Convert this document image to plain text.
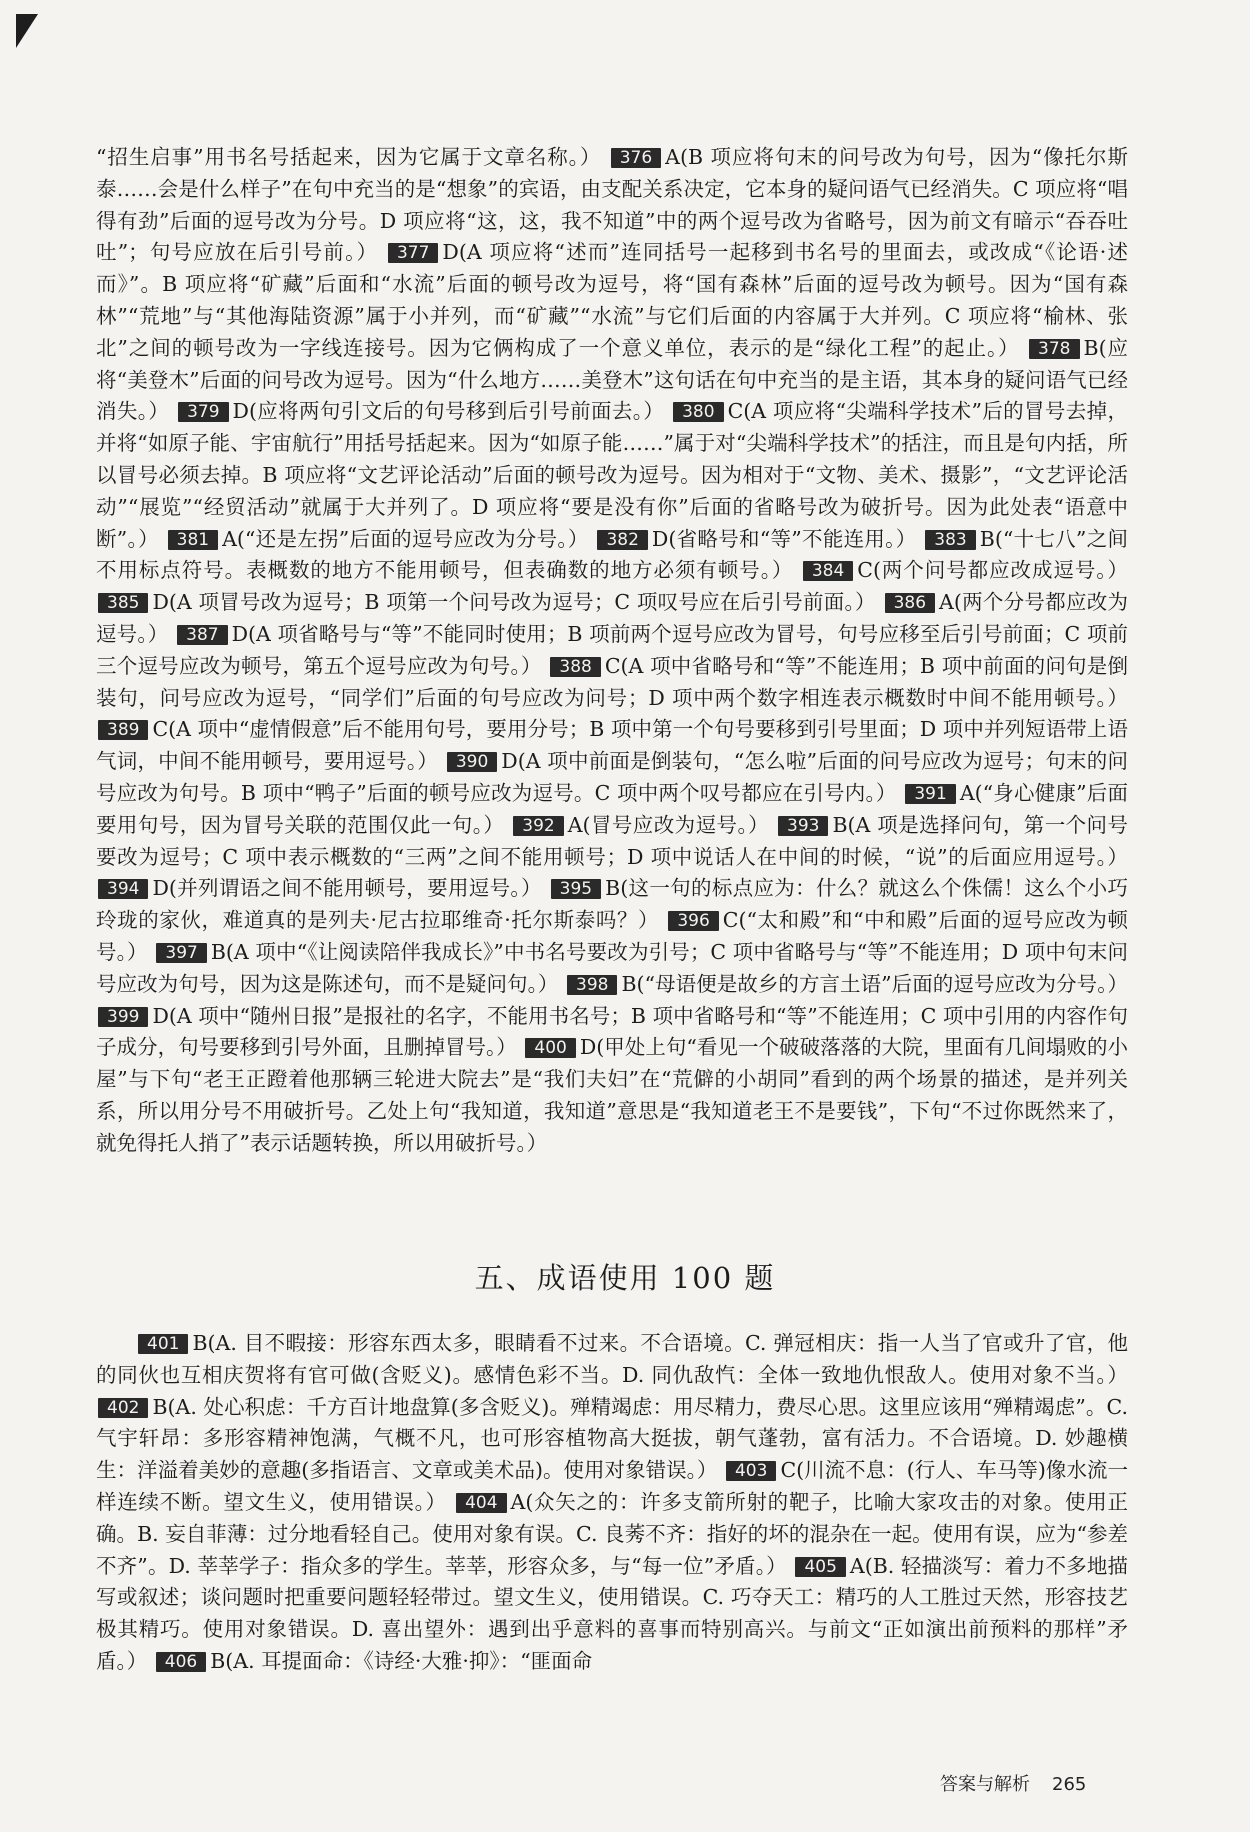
“招生启事”用书名号括起来，因为它属于文章名称。） 376 A(B 项应将句末的问号改为句号，因为“像托尔斯泰……会是什么样子”在句中充当的是“想象”的宾语，由支配关系决定，它本身的疑问语气已经消失。C 项应将“唱得有劲”后面的逗号改为分号。D 项应将“这，这，我不知道”中的两个逗号改为省略号，因为前文有暗示“吞吞吐吐”；句号应放在后引号前。） 377 D(A 项应将“述而”连同括号一起移到书名号的里面去，或改成“《论语·述而》”。B 项应将“矿藏”后面和“水流”后面的顿号改为逗号，将“国有森林”后面的逗号改为顿号。因为“国有森林”“荒地”与“其他海陆资源”属于小并列，而“矿藏”“水流”与它们后面的内容属于大并列。C 项应将“榆林、张北”之间的顿号改为一字线连接号。因为它俩构成了一个意义单位，表示的是“绿化工程”的起止。） 378 B(应将“美登木”后面的问号改为逗号。因为“什么地方……美登木”这句话在句中充当的是主语，其本身的疑问语气已经消失。） 379 D(应将两句引文后的句号移到后引号前面去。） 380 C(A 项应将“尖端科学技术”后的冒号去掉，并将“如原子能、宇宙航行”用括号括起来。因为“如原子能……”属于对“尖端科学技术”的括注，而且是句内括，所以冒号必须去掉。B 项应将“文艺评论活动”后面的顿号改为逗号。因为相对于“文物、美术、摄影”，“文艺评论活动”“展览”“经贸活动”就属于大并列了。D 项应将“要是没有你”后面的省略号改为破折号。因为此处表“语意中断”。） 381 A(“还是左拐”后面的逗号应改为分号。） 382 D(省略号和“等”不能连用。） 383 B(“十七八”之间不用标点符号。表概数的地方不能用顿号，但表确数的地方必须有顿号。） 384 C(两个问号都应改成逗号。） 385 D(A 项冒号改为逗号；B 项第一个问号改为逗号；C 项叹号应在后引号前面。） 386 A(两个分号都应改为逗号。） 387 D(A 项省略号与“等”不能同时使用；B 项前两个逗号应改为冒号，句号应移至后引号前面；C 项前三个逗号应改为顿号，第五个逗号应改为句号。） 388 C(A 项中省略号和“等”不能连用；B 项中前面的问句是倒装句，问号应改为逗号，“同学们”后面的句号应改为问号；D 项中两个数字相连表示概数时中间不能用顿号。） 389 C(A 项中“虚情假意”后不能用句号，要用分号；B 项中第一个句号要移到引号里面；D 项中并列短语带上语气词，中间不能用顿号，要用逗号。） 390 D(A 项中前面是倒装句，“怎么啦”后面的问号应改为逗号；句末的问号应改为句号。B 项中“鸭子”后面的顿号应改为逗号。C 项中两个叹号都应在引号内。） 391 A(“身心健康”后面要用句号，因为冒号关联的范围仅此一句。） 392 A(冒号应改为逗号。） 393 B(A 项是选择问句，第一个问号要改为逗号；C 项中表示概数的“三两”之间不能用顿号；D 项中说话人在中间的时候，“说”的后面应用逗号。） 394 D(并列谓语之间不能用顿号，要用逗号。） 395 B(这一句的标点应为：什么？就这么个侏儒！这么个小巧玲珑的家伙，难道真的是列夫·尼古拉耶维奇·托尔斯泰吗？） 396 C(“太和殿”和“中和殿”后面的逗号应改为顿号。） 397 B(A 项中“《让阅读陪伴我成长》”中书名号要改为引号；C 项中省略号与“等”不能连用；D 项中句末问号应改为句号，因为这是陈述句，而不是疑问句。） 398 B(“母语便是故乡的方言土语”后面的逗号应改为分号。） 399 D(A 项中“随州日报”是报社的名字，不能用书名号；B 项中省略号和“等”不能连用；C 项中引用的内容作句子成分，句号要移到引号外面，且删掉冒号。） 400 D(甲处上句“看见一个破破落落的大院，里面有几间塌败的小屋”与下句“老王正蹬着他那辆三轮进大院去”是“我们夫妇”在“荒僻的小胡同”看到的两个场景的描述，是并列关系，所以用分号不用破折号。乙处上句“我知道，我知道”意思是“我知道老王不是要钱”，下句“不过你既然来了，就免得托人捎了”表示话题转换，所以用破折号。）
五、成语使用 100 题
401 B(A. 目不暇接：形容东西太多，眼睛看不过来。不合语境。C. 弹冠相庆：指一人当了官或升了官，他的同伙也互相庆贺将有官可做(含贬义)。感情色彩不当。D. 同仇敌忾：全体一致地仇恨敌人。使用对象不当。） 402 B(A. 处心积虑：千方百计地盘算(多含贬义)。殚精竭虑：用尽精力，费尽心思。这里应该用“殚精竭虑”。C. 气宇轩昂：多形容精神饱满，气概不凡，也可形容植物高大挺拔，朝气蓬勃，富有活力。不合语境。D. 妙趣横生：洋溢着美妙的意趣(多指语言、文章或美术品)。使用对象错误。） 403 C(川流不息：(行人、车马等)像水流一样连续不断。望文生义，使用错误。） 404 A(众矢之的：许多支箭所射的靶子，比喻大家攻击的对象。使用正确。B. 妄自菲薄：过分地看轻自己。使用对象有误。C. 良莠不齐：指好的坏的混杂在一起。使用有误，应为“参差不齐”。D. 莘莘学子：指众多的学生。莘莘，形容众多，与“每一位”矛盾。） 405 A(B. 轻描淡写：着力不多地描写或叙述；谈问题时把重要问题轻轻带过。望文生义，使用错误。C. 巧夺天工：精巧的人工胜过天然，形容技艺极其精巧。使用对象错误。D. 喜出望外：遇到出乎意料的喜事而特别高兴。与前文“正如演出前预料的那样”矛盾。） 406 B(A. 耳提面命：《诗经·大雅·抑》：“匪面命
答案与解析 265
